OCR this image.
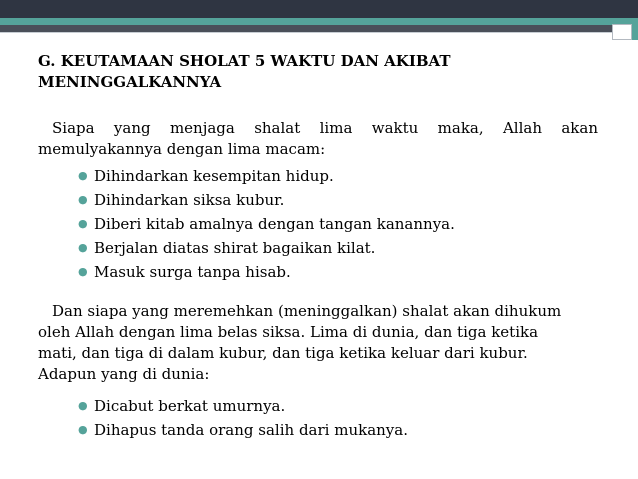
G. KEUTAMAAN SHOLAT 5 WAKTU DAN AKIBAT
MENINGGALKANNYA

Siapa yang menjaga shalat lima waktu maka, Allah akan
memulyakannya dengan lima macam:

● Dihindarkan kesempitan hidup.
● Dihindarkan siksa kubur.
● Diberi kitab amalnya dengan tangan kanannya.
● Berjalan diatas shirat bagaikan kilat.
● Masuk surga tanpa hisab.

Dan siapa yang meremehkan (meninggalkan) shalat akan dihukum
oleh Allah dengan lima belas siksa. Lima di dunia, dan tiga ketika
mati, dan tiga di dalam kubur, dan tiga ketika keluar dari kubur.
Adapun yang di dunia:

● Dicabut berkat umurnya.
● Dihapus tanda orang salih dari mukanya.
